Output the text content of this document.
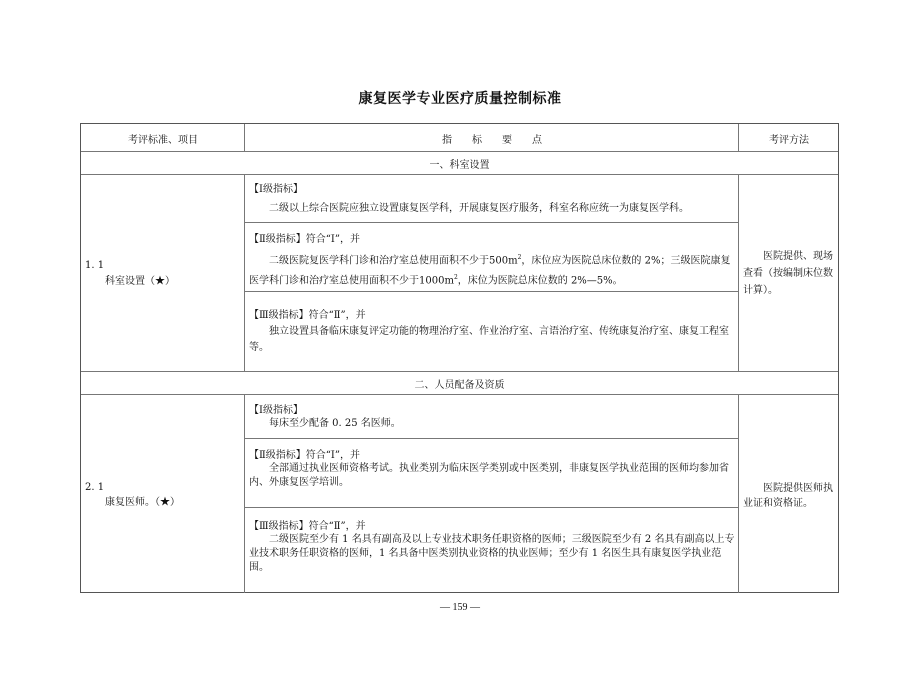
康复医学专业医疗质量控制标准
考评标准、项目	指　　标　　要　　点	考评方法
一、科室设置
1. 1
科室设置（★）
【Ⅰ级指标】
二级以上综合医院应独立设置康复医学科，开展康复医疗服务，科室名称应统一为康复医学科。
【Ⅱ级指标】符合“Ⅰ”，并
二级医院复医学科门诊和治疗室总使用面积不少于$500m^2$，床位应为医院总床位数的 2%；三级医院康复医学科门诊和治疗室总使用面积不少于$1000m^2$，床位为医院总床位数的 2%—5%。
【Ⅲ级指标】符合“Ⅱ”，并
独立设置具备临床康复评定功能的物理治疗室、作业治疗室、言语治疗室、传统康复治疗室、康复工程室等。
医院提供、现场查看（按编制床位数计算）。
二、人员配备及资质
2. 1
康复医师。（★）
【Ⅰ级指标】
每床至少配备 0. 25 名医师。
【Ⅱ级指标】符合“Ⅰ”，并
全部通过执业医师资格考试。执业类别为临床医学类别或中医类别，非康复医学执业范围的医师均参加省内、外康复医学培训。
【Ⅲ级指标】符合“Ⅱ”，并
二级医院至少有 1 名具有副高及以上专业技术职务任职资格的医师；三级医院至少有 2 名具有副高以上专业技术职务任职资格的医师，1 名具备中医类别执业资格的执业医师；至少有 1 名医生具有康复医学执业范围。
医院提供医师执业证和资格证。
— 159 —
